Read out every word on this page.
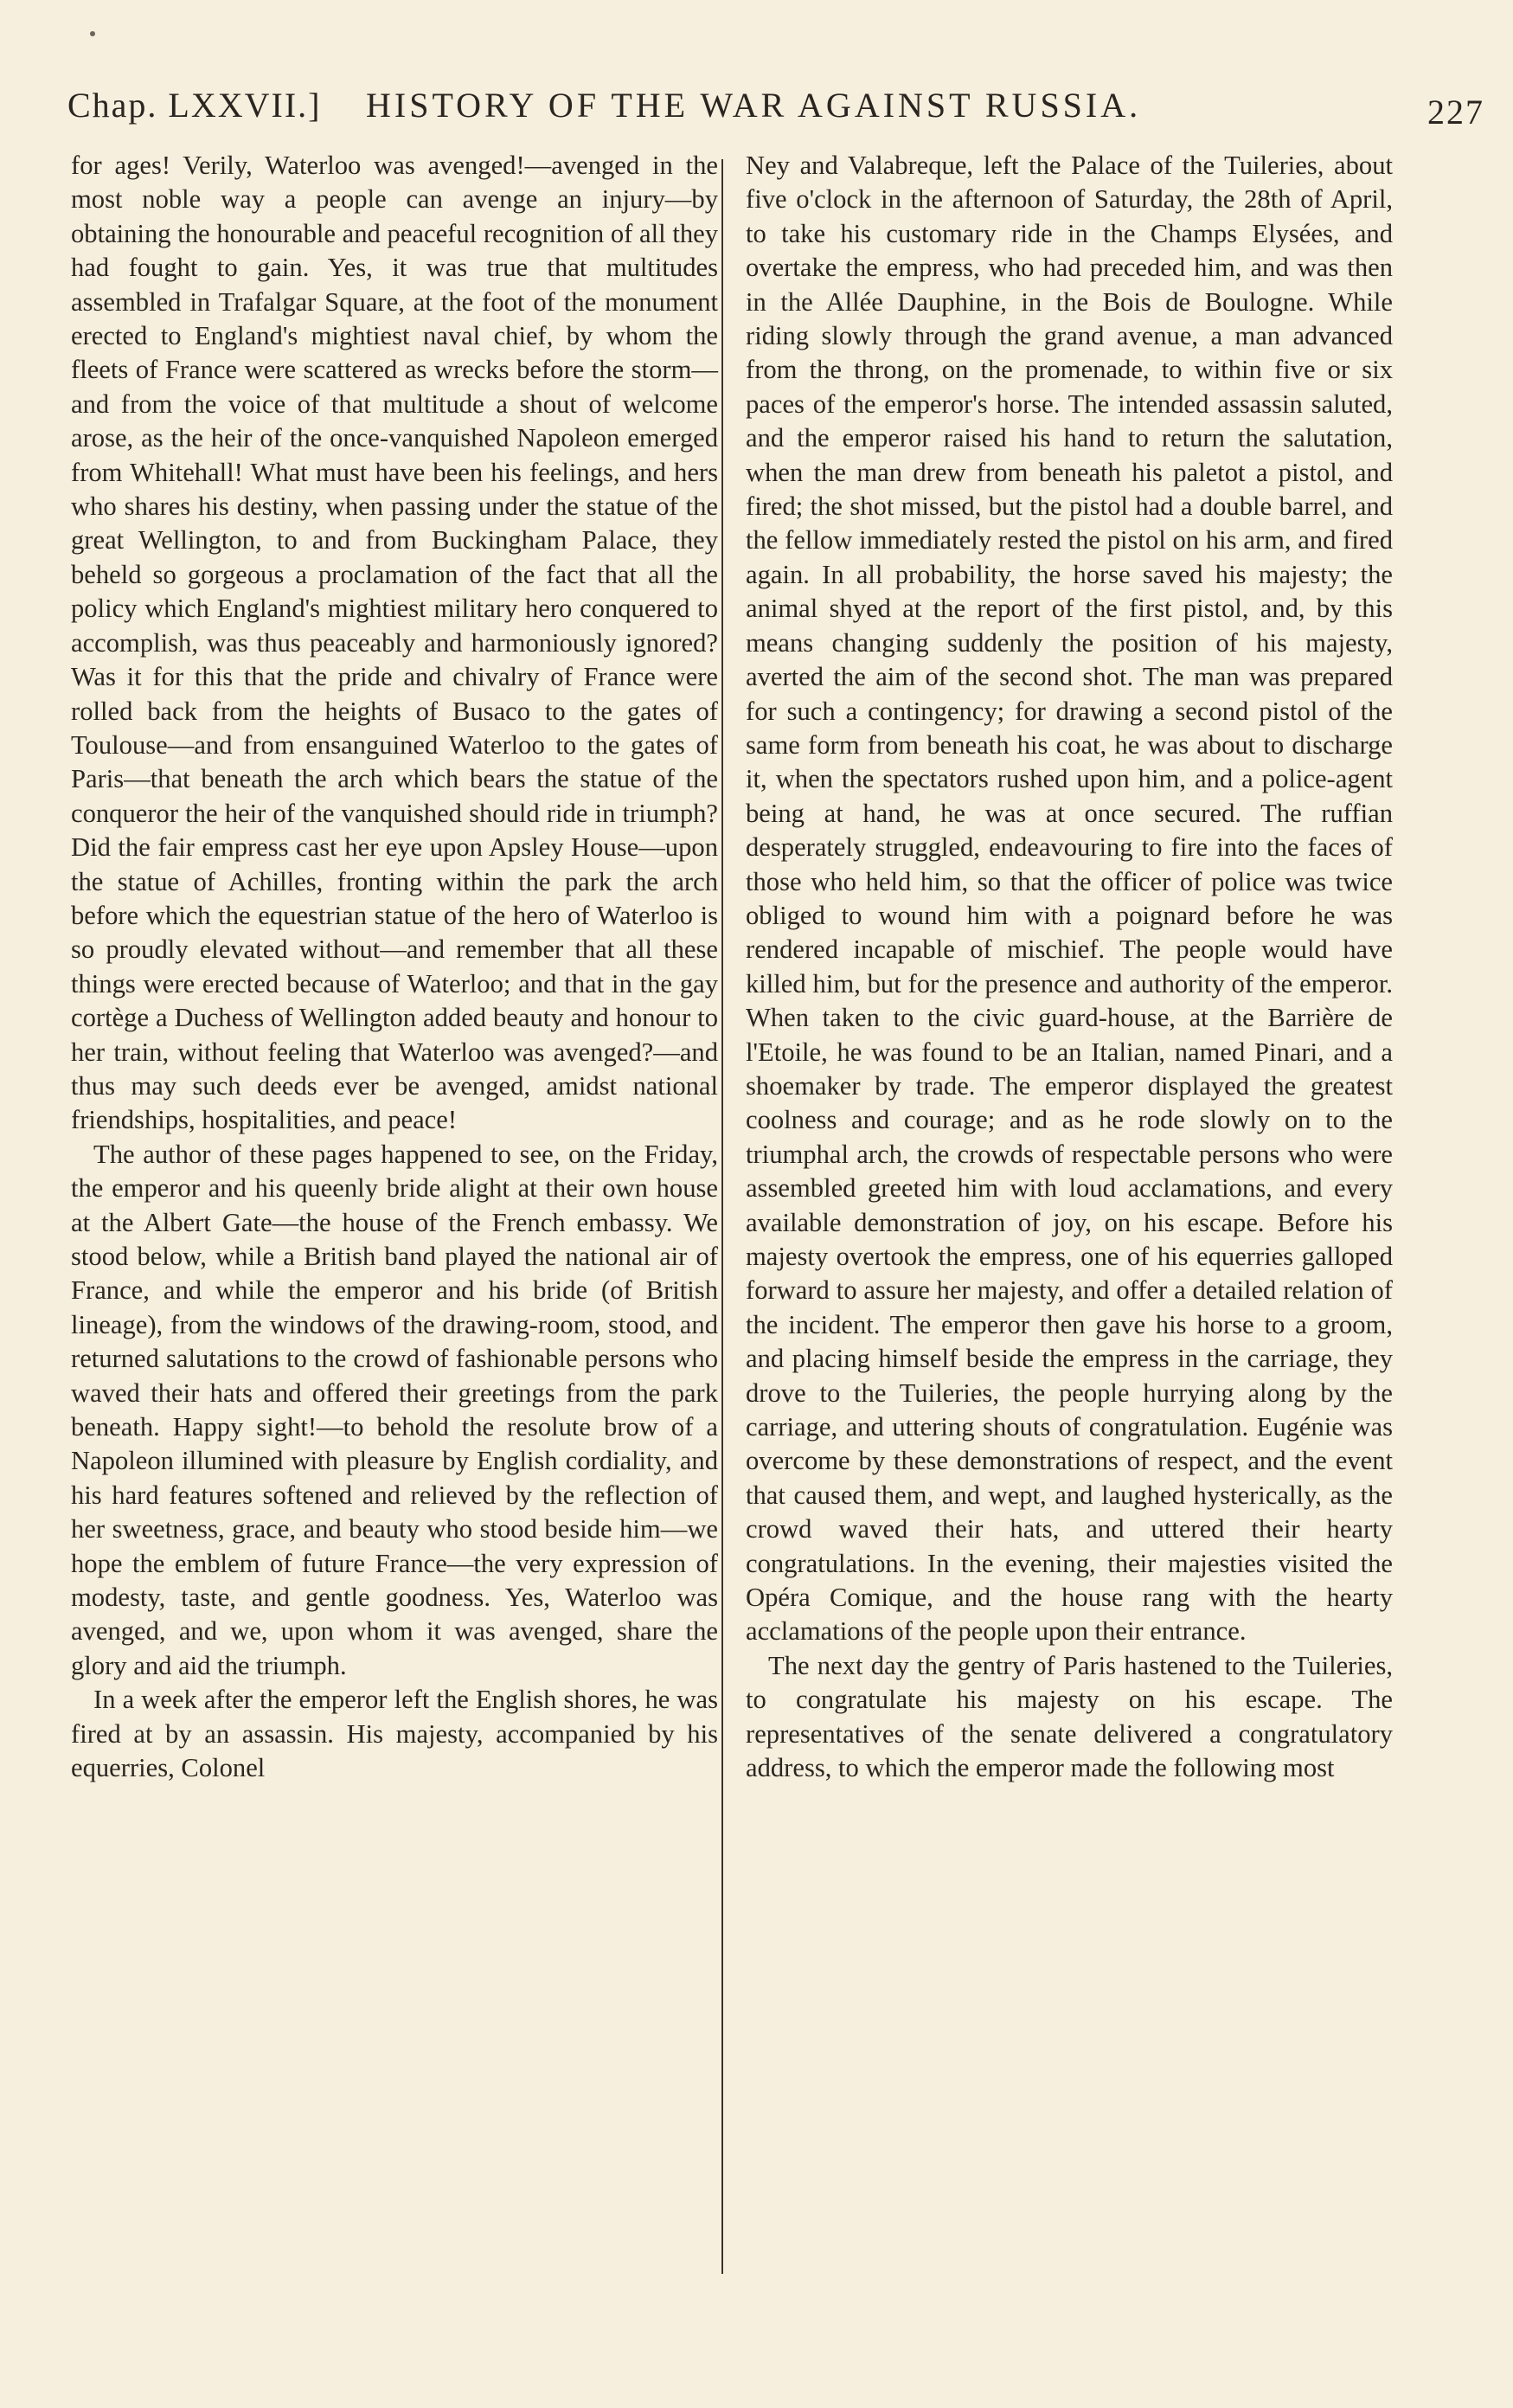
Chap. LXXVII.] HISTORY OF THE WAR AGAINST RUSSIA.	227

for ages! Verily, Waterloo was avenged!—avenged in the most noble way a people can avenge an injury—by obtaining the honourable and peaceful recognition of all they had fought to gain. Yes, it was true that multitudes assembled in Trafalgar Square, at the foot of the monument erected to England's mightiest naval chief, by whom the fleets of France were scattered as wrecks before the storm—and from the voice of that multitude a shout of welcome arose, as the heir of the once-vanquished Napoleon emerged from Whitehall! What must have been his feelings, and hers who shares his destiny, when passing under the statue of the great Wellington, to and from Buckingham Palace, they beheld so gorgeous a proclamation of the fact that all the policy which England's mightiest military hero conquered to accomplish, was thus peaceably and harmoniously ignored? Was it for this that the pride and chivalry of France were rolled back from the heights of Busaco to the gates of Toulouse—and from ensanguined Waterloo to the gates of Paris—that beneath the arch which bears the statue of the conqueror the heir of the vanquished should ride in triumph? Did the fair empress cast her eye upon Apsley House—upon the statue of Achilles, fronting within the park the arch before which the equestrian statue of the hero of Waterloo is so proudly elevated without—and remember that all these things were erected because of Waterloo; and that in the gay cortège a Duchess of Wellington added beauty and honour to her train, without feeling that Waterloo was avenged?—and thus may such deeds ever be avenged, amidst national friendships, hospitalities, and peace!

The author of these pages happened to see, on the Friday, the emperor and his queenly bride alight at their own house at the Albert Gate—the house of the French embassy. We stood below, while a British band played the national air of France, and while the emperor and his bride (of British lineage), from the windows of the drawing-room, stood, and returned salutations to the crowd of fashionable persons who waved their hats and offered their greetings from the park beneath. Happy sight!—to behold the resolute brow of a Napoleon illumined with pleasure by English cordiality, and his hard features softened and relieved by the reflection of her sweetness, grace, and beauty who stood beside him—we hope the emblem of future France—the very expression of modesty, taste, and gentle goodness. Yes, Waterloo was avenged, and we, upon whom it was avenged, share the glory and aid the triumph.

In a week after the emperor left the English shores, he was fired at by an assassin. His majesty, accompanied by his equerries, Colonel

Ney and Valabreque, left the Palace of the Tuileries, about five o'clock in the afternoon of Saturday, the 28th of April, to take his customary ride in the Champs Elysées, and overtake the empress, who had preceded him, and was then in the Allée Dauphine, in the Bois de Boulogne. While riding slowly through the grand avenue, a man advanced from the throng, on the promenade, to within five or six paces of the emperor's horse. The intended assassin saluted, and the emperor raised his hand to return the salutation, when the man drew from beneath his paletot a pistol, and fired; the shot missed, but the pistol had a double barrel, and the fellow immediately rested the pistol on his arm, and fired again. In all probability, the horse saved his majesty; the animal shyed at the report of the first pistol, and, by this means changing suddenly the position of his majesty, averted the aim of the second shot. The man was prepared for such a contingency; for drawing a second pistol of the same form from beneath his coat, he was about to discharge it, when the spectators rushed upon him, and a police-agent being at hand, he was at once secured. The ruffian desperately struggled, endeavouring to fire into the faces of those who held him, so that the officer of police was twice obliged to wound him with a poignard before he was rendered incapable of mischief. The people would have killed him, but for the presence and authority of the emperor. When taken to the civic guard-house, at the Barrière de l'Etoile, he was found to be an Italian, named Pinari, and a shoemaker by trade. The emperor displayed the greatest coolness and courage; and as he rode slowly on to the triumphal arch, the crowds of respectable persons who were assembled greeted him with loud acclamations, and every available demonstration of joy, on his escape. Before his majesty overtook the empress, one of his equerries galloped forward to assure her majesty, and offer a detailed relation of the incident. The emperor then gave his horse to a groom, and placing himself beside the empress in the carriage, they drove to the Tuileries, the people hurrying along by the carriage, and uttering shouts of congratulation. Eugénie was overcome by these demonstrations of respect, and the event that caused them, and wept, and laughed hysterically, as the crowd waved their hats, and uttered their hearty congratulations. In the evening, their majesties visited the Opéra Comique, and the house rang with the hearty acclamations of the people upon their entrance.

The next day the gentry of Paris hastened to the Tuileries, to congratulate his majesty on his escape. The representatives of the senate delivered a congratulatory address, to which the emperor made the following most
